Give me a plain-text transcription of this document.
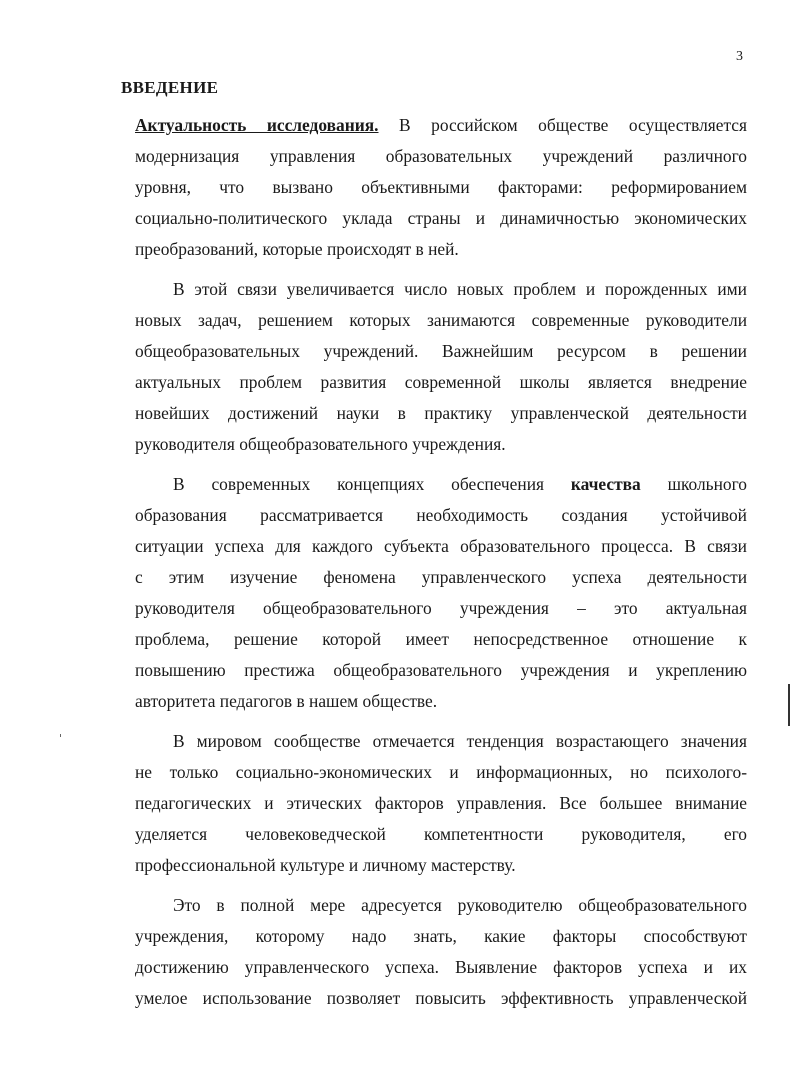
3
ВВЕДЕНИЕ
Актуальность исследования. В российском обществе осуществляется
модернизация управления образовательных учреждений различного
уровня, что вызвано объективными факторами: реформированием
социально-политического уклада страны и динамичностью экономических
преобразований, которые происходят в ней.
В этой связи увеличивается число новых проблем и порожденных ими
новых задач, решением которых занимаются современные руководители
общеобразовательных учреждений. Важнейшим ресурсом в решении
актуальных проблем развития современной школы является внедрение
новейших достижений науки в практику управленческой деятельности
руководителя общеобразовательного учреждения.
В современных концепциях обеспечения качества школьного
образования рассматривается необходимость создания устойчивой
ситуации успеха для каждого субъекта образовательного процесса. В связи
с этим изучение феномена управленческого успеха деятельности
руководителя общеобразовательного учреждения – это актуальная
проблема, решение которой имеет непосредственное отношение к
повышению престижа общеобразовательного учреждения и укреплению
авторитета педагогов в нашем обществе.
В мировом сообществе отмечается тенденция возрастающего значения
не только социально-экономических и информационных, но психолого-
педагогических и этических факторов управления. Все большее внимание
уделяется человековедческой компетентности руководителя, его
профессиональной культуре и личному мастерству.
Это в полной мере адресуется руководителю общеобразовательного
учреждения, которому надо знать, какие факторы способствуют
достижению управленческого успеха. Выявление факторов успеха и их
умелое использование позволяет повысить эффективность управленческой
